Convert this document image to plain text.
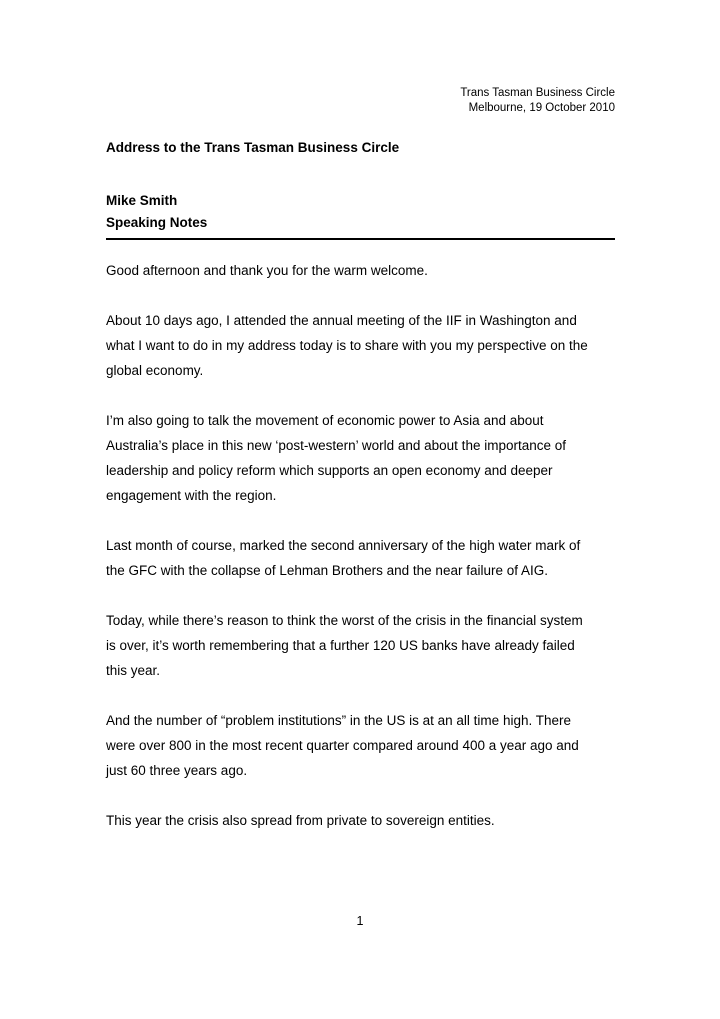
Trans Tasman Business Circle
Melbourne, 19 October 2010
Address to the Trans Tasman Business Circle
Mike Smith
Speaking Notes

Good afternoon and thank you for the warm welcome.

About 10 days ago, I attended the annual meeting of the IIF in Washington and
what I want to do in my address today is to share with you my perspective on the
global economy.

I’m also going to talk the movement of economic power to Asia and about
Australia’s place in this new ‘post-western’ world and about the importance of
leadership and policy reform which supports an open economy and deeper
engagement with the region.

Last month of course, marked the second anniversary of the high water mark of
the GFC with the collapse of Lehman Brothers and the near failure of AIG.

Today, while there’s reason to think the worst of the crisis in the financial system
is over, it’s worth remembering that a further 120 US banks have already failed
this year.

And the number of “problem institutions” in the US is at an all time high. There
were over 800 in the most recent quarter compared around 400 a year ago and
just 60 three years ago.

This year the crisis also spread from private to sovereign entities.

1
